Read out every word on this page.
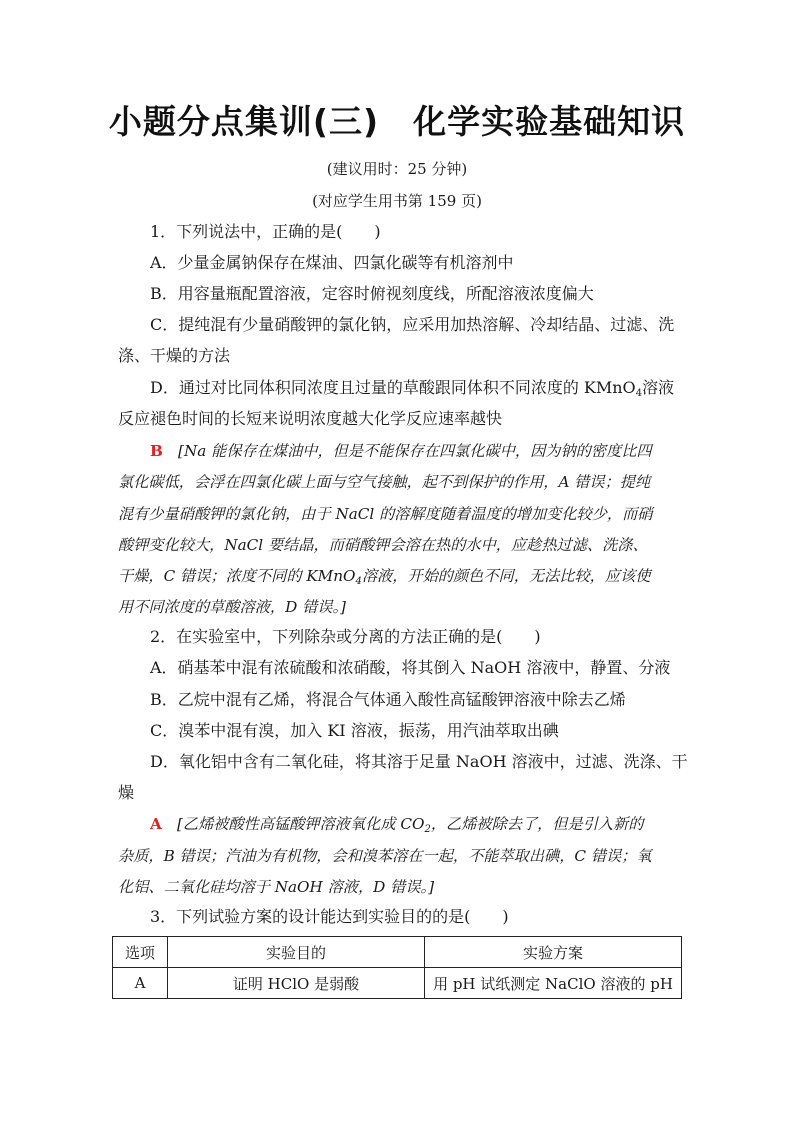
小题分点集训(三) 化学实验基础知识
(建议用时：25 分钟)
(对应学生用书第 159 页)
1．下列说法中，正确的是(　　)
A．少量金属钠保存在煤油、四氯化碳等有机溶剂中
B．用容量瓶配置溶液，定容时俯视刻度线，所配溶液浓度偏大
C．提纯混有少量硝酸钾的氯化钠，应采用加热溶解、冷却结晶、过滤、洗
涤、干燥的方法
D．通过对比同体积同浓度且过量的草酸跟同体积不同浓度的 KMnO$_4$溶液
反应褪色时间的长短来说明浓度越大化学反应速率越快
B　 [Na 能保存在煤油中，但是不能保存在四氯化碳中，因为钠的密度比四
氯化碳低，会浮在四氯化碳上面与空气接触，起不到保护的作用，A 错误；提纯
混有少量硝酸钾的氯化钠，由于 NaCl 的溶解度随着温度的增加变化较少，而硝
酸钾变化较大，NaCl 要结晶，而硝酸钾会溶在热的水中，应趁热过滤、洗涤、
干燥，C 错误；浓度不同的 KMnO$_4$溶液，开始的颜色不同，无法比较，应该使
用不同浓度的草酸溶液，D 错误。]
2．在实验室中，下列除杂或分离的方法正确的是(　　)
A．硝基苯中混有浓硫酸和浓硝酸，将其倒入 NaOH 溶液中，静置、分液
B．乙烷中混有乙烯，将混合气体通入酸性高锰酸钾溶液中除去乙烯
C．溴苯中混有溴，加入 KI 溶液，振荡，用汽油萃取出碘
D．氧化铝中含有二氧化硅，将其溶于足量 NaOH 溶液中，过滤、洗涤、干
燥
A　 [乙烯被酸性高锰酸钾溶液氧化成 $CO_2$，乙烯被除去了，但是引入新的
杂质，B 错误；汽油为有机物，会和溴苯溶在一起，不能萃取出碘，C 错误；氧
化铝、二氧化硅均溶于 NaOH 溶液，D 错误。]
3．下列试验方案的设计能达到实验目的的是(　　)
选项	实验目的	实验方案
A	证明 HClO 是弱酸	用 pH 试纸测定 NaClO 溶液的 pH
